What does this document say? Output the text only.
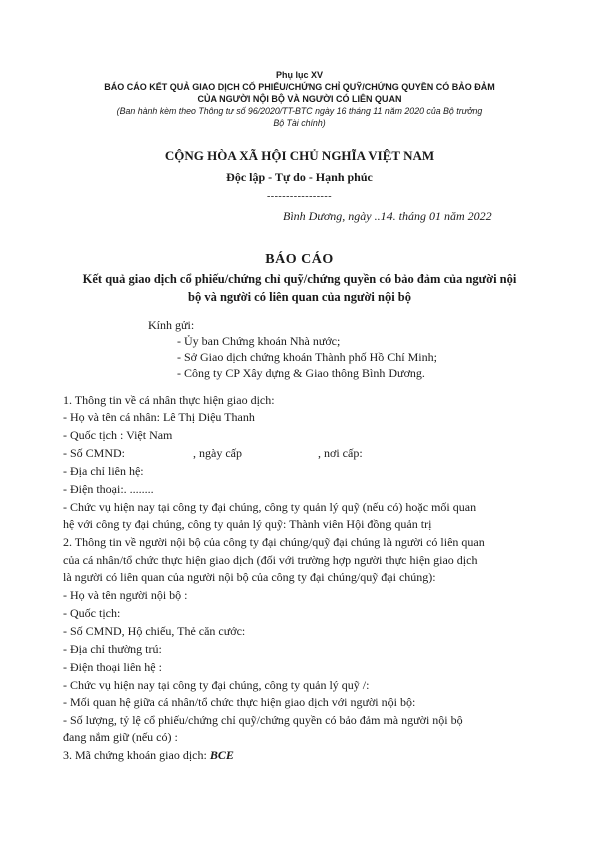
Phụ lục XV
BÁO CÁO KẾT QUẢ GIAO DỊCH CỔ PHIẾU/CHỨNG CHỈ QUỸ/CHỨNG QUYỀN CÓ BẢO ĐẢM
CỦA NGƯỜI NỘI BỘ VÀ NGƯỜI CÓ LIÊN QUAN
(Ban hành kèm theo Thông tư số 96/2020/TT-BTC ngày 16 tháng 11 năm 2020 của Bộ trưởng
Bộ Tài chính)
CỘNG HÒA XÃ HỘI CHỦ NGHĨA VIỆT NAM
Độc lập - Tự do - Hạnh phúc
-----------------
Bình Dương, ngày ..14. tháng 01 năm 2022
BÁO CÁO
Kết quả giao dịch cổ phiếu/chứng chỉ quỹ/chứng quyền có bảo đảm của người nội
bộ và người có liên quan của người nội bộ
Kính gửi:
- Ủy ban Chứng khoán Nhà nước;
- Sở Giao dịch chứng khoán Thành phố Hồ Chí Minh;
- Công ty CP Xây dựng & Giao thông Bình Dương.
1. Thông tin về cá nhân thực hiện giao dịch:
- Họ và tên cá nhân: Lê Thị Diệu Thanh
- Quốc tịch : Việt Nam
- Số CMND:	, ngày cấp	, nơi cấp:
- Địa chỉ liên hệ:
- Điện thoại:. ........
- Chức vụ hiện nay tại công ty đại chúng, công ty quản lý quỹ (nếu có) hoặc mối quan
hệ với công ty đại chúng, công ty quản lý quỹ: Thành viên Hội đồng quản trị
2. Thông tin về người nội bộ của công ty đại chúng/quỹ đại chúng là người có liên quan
của cá nhân/tổ chức thực hiện giao dịch (đối với trường hợp người thực hiện giao dịch
là người có liên quan của người nội bộ của công ty đại chúng/quỹ đại chúng):
- Họ và tên người nội bộ :
- Quốc tịch:
- Số CMND, Hộ chiếu, Thẻ căn cước:
- Địa chỉ thường trú:
- Điện thoại liên hệ :
- Chức vụ hiện nay tại công ty đại chúng, công ty quản lý quỹ /:
- Mối quan hệ giữa cá nhân/tổ chức thực hiện giao dịch với người nội bộ:
- Số lượng, tỷ lệ cổ phiếu/chứng chỉ quỹ/chứng quyền có bảo đảm mà người nội bộ
đang nắm giữ (nếu có) :
3. Mã chứng khoán giao dịch: BCE
